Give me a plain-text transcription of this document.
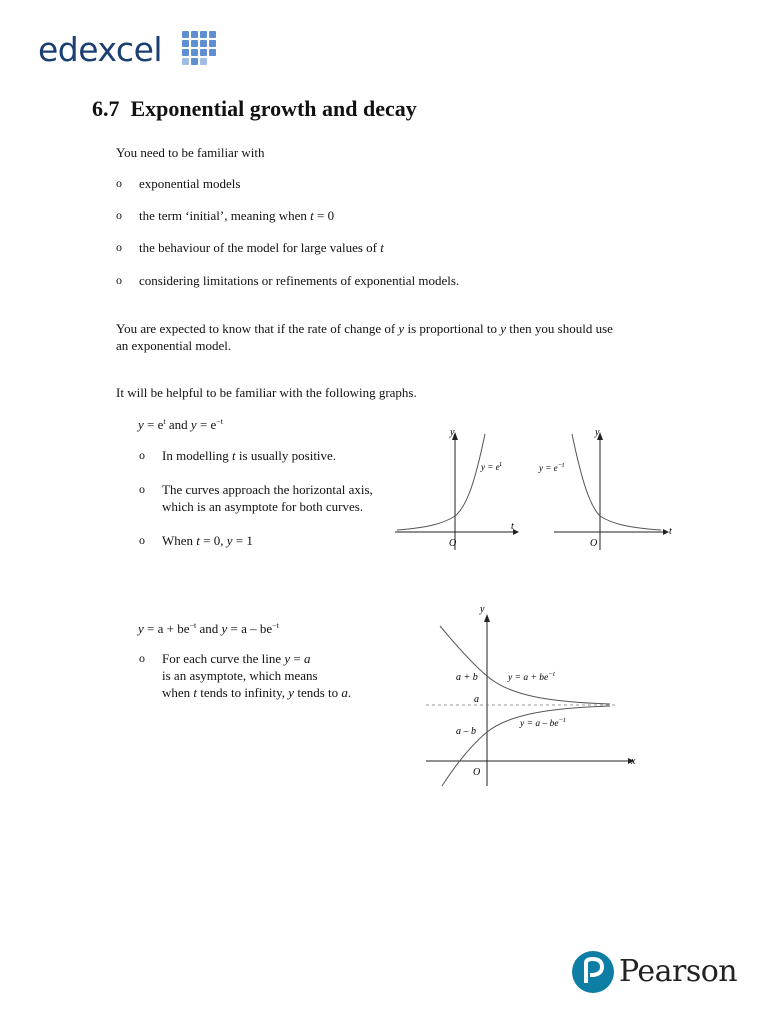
edexcel
6.7 Exponential growth and decay
You need to be familiar with
o exponential models
o the term ‘initial’, meaning when t = 0
o the behaviour of the model for large values of t
o considering limitations or refinements of exponential models.
You are expected to know that if the rate of change of y is proportional to y then you should use
an exponential model.
It will be helpful to be familiar with the following graphs.
$y = e^t$ and $y = e^{-t}$
o In modelling t is usually positive.
o The curves approach the horizontal axis,
which is an asymptote for both curves.
o When t = 0, y = 1
y
t
O
$y = e^t$
y
t
O
$y = e^{-t}$
$y = a + be^{-t}$ and $y = a - be^{-t}$
o For each curve the line y = a
is an asymptote, which means
when t tends to infinity, y tends to a.
y
x
O
a + b
a
a – b
$y = a + be^{-t}$
$y = a - be^{-t}$
Pearson
